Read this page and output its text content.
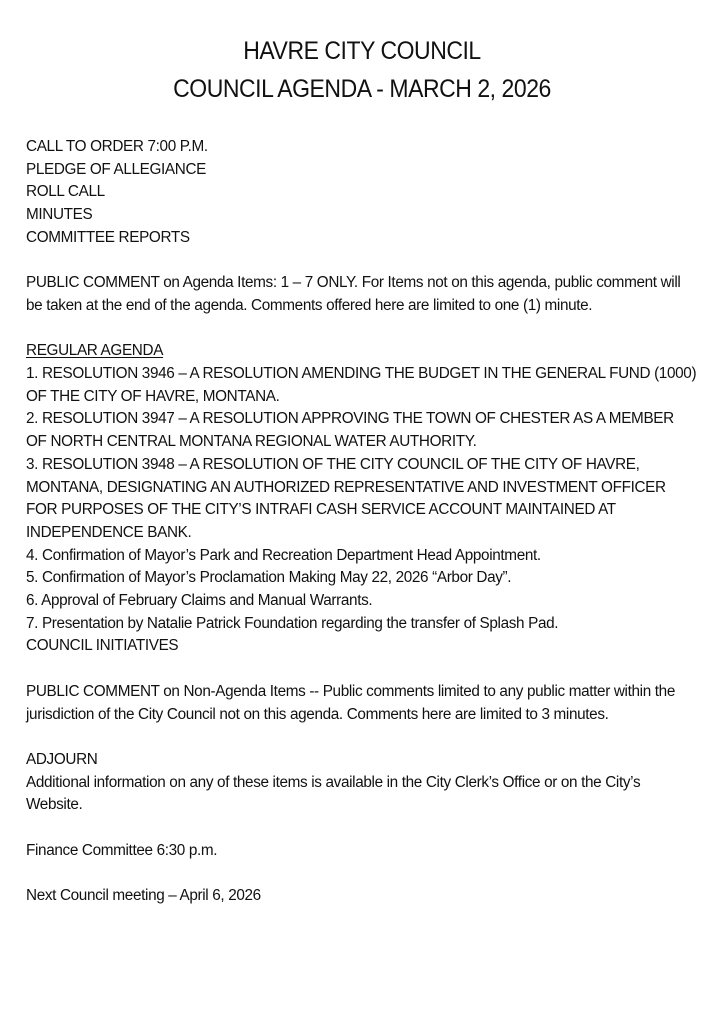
HAVRE CITY COUNCIL
COUNCIL AGENDA - MARCH 2, 2026
CALL TO ORDER 7:00 P.M.
PLEDGE OF ALLEGIANCE
ROLL CALL
MINUTES
COMMITTEE REPORTS
PUBLIC COMMENT on Agenda Items: 1 – 7 ONLY. For Items not on this agenda, public comment will be taken at the end of the agenda. Comments offered here are limited to one (1) minute.
REGULAR AGENDA
1. RESOLUTION 3946 – A RESOLUTION AMENDING THE BUDGET IN THE GENERAL FUND (1000) OF THE CITY OF HAVRE, MONTANA.
2. RESOLUTION 3947 – A RESOLUTION APPROVING THE TOWN OF CHESTER AS A MEMBER OF NORTH CENTRAL MONTANA REGIONAL WATER AUTHORITY.
3. RESOLUTION 3948 – A RESOLUTION OF THE CITY COUNCIL OF THE CITY OF HAVRE, MONTANA, DESIGNATING AN AUTHORIZED REPRESENTATIVE AND INVESTMENT OFFICER FOR PURPOSES OF THE CITY’S INTRAFI CASH SERVICE ACCOUNT MAINTAINED AT INDEPENDENCE BANK.
4. Confirmation of Mayor’s Park and Recreation Department Head Appointment.
5. Confirmation of Mayor’s Proclamation Making May 22, 2026 “Arbor Day”.
6. Approval of February Claims and Manual Warrants.
7. Presentation by Natalie Patrick Foundation regarding the transfer of Splash Pad.
COUNCIL INITIATIVES
PUBLIC COMMENT on Non-Agenda Items -- Public comments limited to any public matter within the jurisdiction of the City Council not on this agenda. Comments here are limited to 3 minutes.
ADJOURN
Additional information on any of these items is available in the City Clerk’s Office or on the City’s Website.
Finance Committee 6:30 p.m.
Next Council meeting – April 6, 2026
